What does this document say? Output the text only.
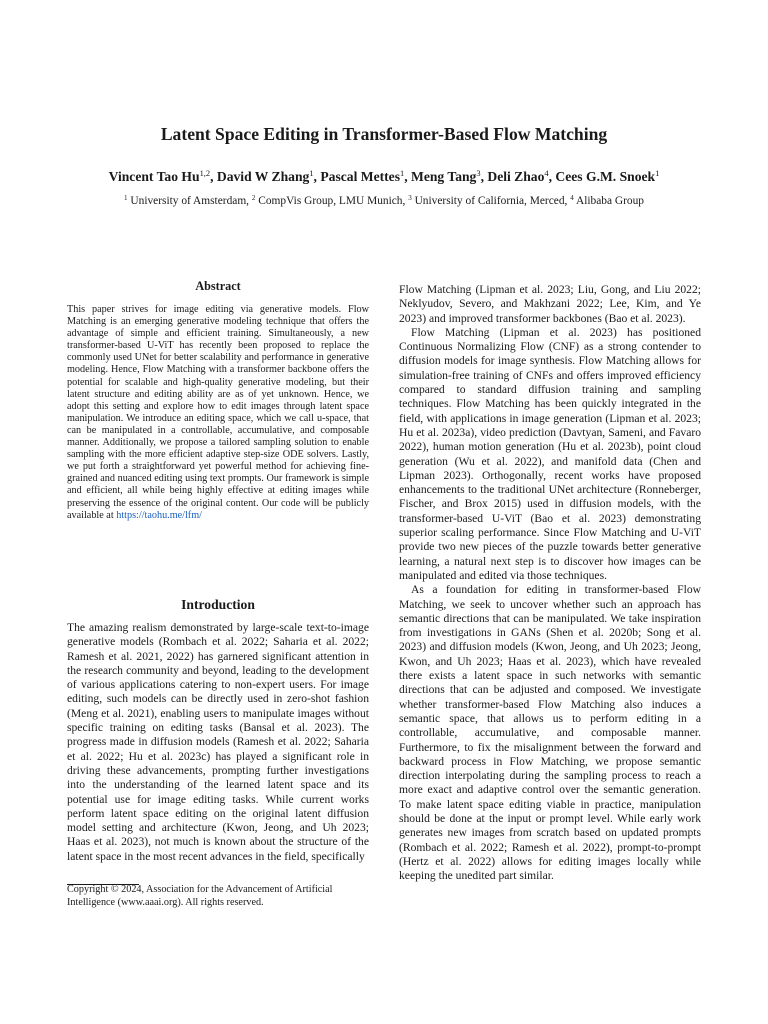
Latent Space Editing in Transformer-Based Flow Matching
Vincent Tao Hu$^{1,2}$, David W Zhang$^1$, Pascal Mettes$^1$, Meng Tang$^3$, Deli Zhao$^4$, Cees G.M. Snoek$^1$
$^1$ University of Amsterdam, $^2$ CompVis Group, LMU Munich, $^3$ University of California, Merced, $^4$ Alibaba Group
Abstract
This paper strives for image editing via generative models. Flow Matching is an emerging generative modeling technique that offers the advantage of simple and efficient training. Simultaneously, a new transformer-based U-ViT has recently been proposed to replace the commonly used UNet for better scalability and performance in generative modeling. Hence, Flow Matching with a transformer backbone offers the potential for scalable and high-quality generative modeling, but their latent structure and editing ability are as of yet unknown. Hence, we adopt this setting and explore how to edit images through latent space manipulation. We introduce an editing space, which we call u-space, that can be manipulated in a controllable, accumulative, and composable manner. Additionally, we propose a tailored sampling solution to enable sampling with the more efficient adaptive step-size ODE solvers. Lastly, we put forth a straightforward yet powerful method for achieving fine-grained and nuanced editing using text prompts. Our framework is simple and efficient, all while being highly effective at editing images while preserving the essence of the original content. Our code will be publicly available at https://taohu.me/lfm/
Introduction

The amazing realism demonstrated by large-scale text-to-image generative models (Rombach et al. 2022; Saharia et al. 2022; Ramesh et al. 2021, 2022) has garnered significant attention in the research community and beyond, leading to the development of various applications catering to non-expert users. For image editing, such models can be directly used in zero-shot fashion (Meng et al. 2021), enabling users to manipulate images without specific training on editing tasks (Bansal et al. 2023). The progress made in diffusion models (Ramesh et al. 2022; Saharia et al. 2022; Hu et al. 2023c) has played a significant role in driving these advancements, prompting further investigations into the understanding of the learned latent space and its potential use for image editing tasks. While current works perform latent space editing on the original latent diffusion model setting and architecture (Kwon, Jeong, and Uh 2023; Haas et al. 2023), not much is known about the structure of the latent space in the most recent advances in the field, specifically

Flow Matching (Lipman et al. 2023; Liu, Gong, and Liu 2022; Neklyudov, Severo, and Makhzani 2022; Lee, Kim, and Ye 2023) and improved transformer backbones (Bao et al. 2023).

Flow Matching (Lipman et al. 2023) has positioned Continuous Normalizing Flow (CNF) as a strong contender to diffusion models for image synthesis. Flow Matching allows for simulation-free training of CNFs and offers improved efficiency compared to standard diffusion training and sampling techniques. Flow Matching has been quickly integrated in the field, with applications in image generation (Lipman et al. 2023; Hu et al. 2023a), video prediction (Davtyan, Sameni, and Favaro 2022), human motion generation (Hu et al. 2023b), point cloud generation (Wu et al. 2022), and manifold data (Chen and Lipman 2023). Orthogonally, recent works have proposed enhancements to the traditional UNet architecture (Ronneberger, Fischer, and Brox 2015) used in diffusion models, with the transformer-based U-ViT (Bao et al. 2023) demonstrating superior scaling performance. Since Flow Matching and U-ViT provide two new pieces of the puzzle towards better generative learning, a natural next step is to discover how images can be manipulated and edited via those techniques.

As a foundation for editing in transformer-based Flow Matching, we seek to uncover whether such an approach has semantic directions that can be manipulated. We take inspiration from investigations in GANs (Shen et al. 2020b; Song et al. 2023) and diffusion models (Kwon, Jeong, and Uh 2023; Jeong, Kwon, and Uh 2023; Haas et al. 2023), which have revealed there exists a latent space in such networks with semantic directions that can be adjusted and composed. We investigate whether transformer-based Flow Matching also induces a semantic space, that allows us to perform editing in a controllable, accumulative, and composable manner. Furthermore, to fix the misalignment between the forward and backward process in Flow Matching, we propose semantic direction interpolating during the sampling process to reach a more exact and adaptive control over the semantic generation. To make latent space editing viable in practice, manipulation should be done at the input or prompt level. While early work generates new images from scratch based on updated prompts (Rombach et al. 2022; Ramesh et al. 2022), prompt-to-prompt (Hertz et al. 2022) allows for editing images locally while keeping the unedited part similar.

Copyright © 2024, Association for the Advancement of Artificial Intelligence (www.aaai.org). All rights reserved.
